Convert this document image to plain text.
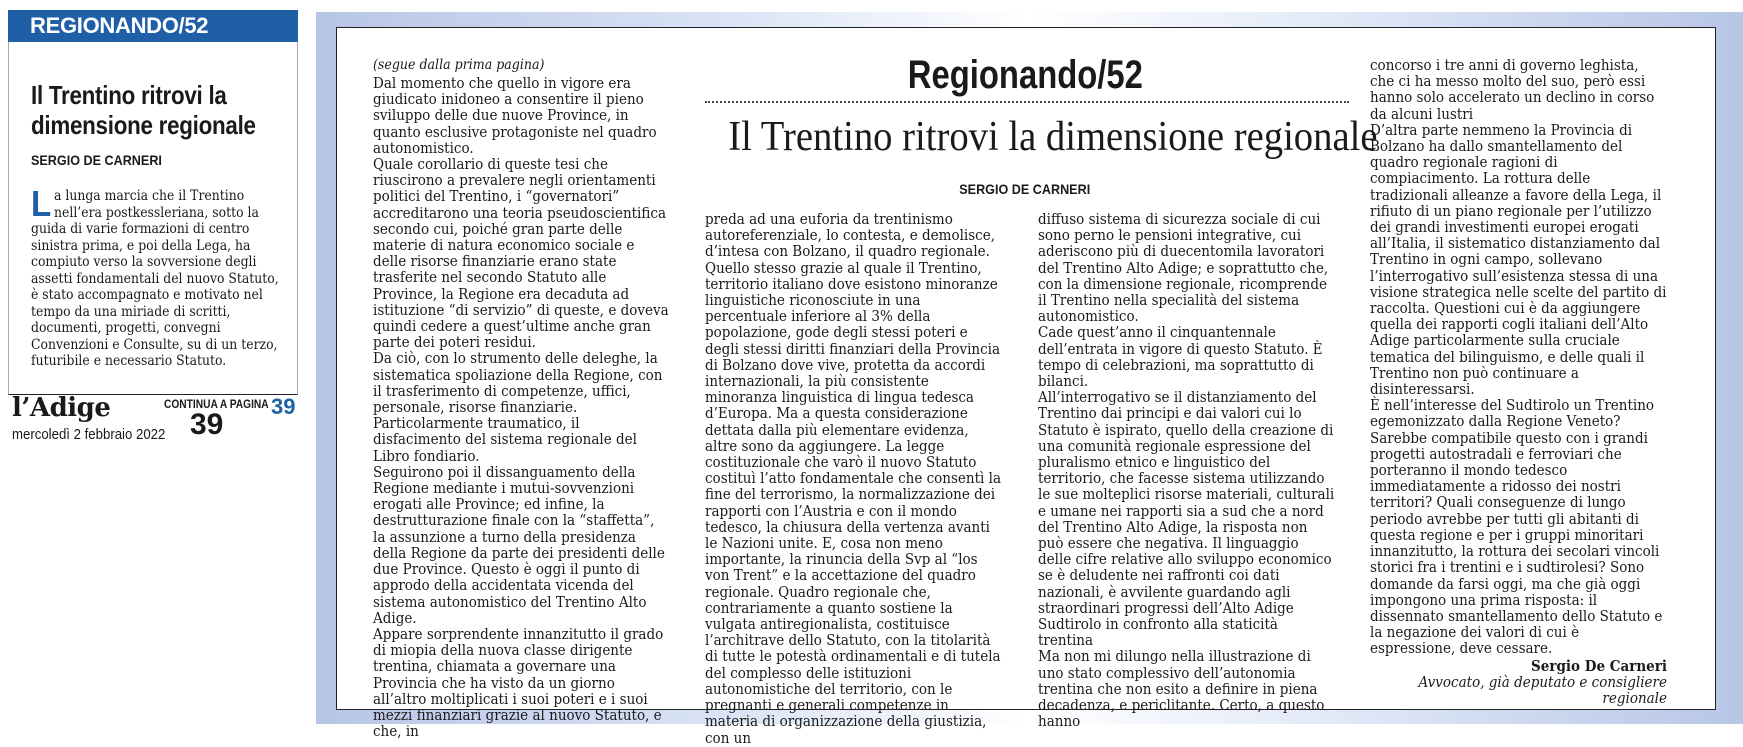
REGIONANDO/52
Il Trentino ritrovi la dimensione regionale
SERGIO DE CARNERI
La lunga marcia che il Trentino nell’era postkessleriana, sotto la guida di varie formazioni di centro sinistra prima, e poi della Lega, ha compiuto verso la sovversione degli assetti fondamentali del nuovo Statuto, è stato accompagnato e motivato nel tempo da una miriade di scritti, documenti, progetti, convegni Convenzioni e Consulte, su di un terzo, futuribile e necessario Statuto.
CONTINUA A PAGINA 39
l’Adige
mercoledì 2 febbraio 2022 39
(segue dalla prima pagina)	Regionando/52
Il Trentino ritrovi la dimensione regionale
SERGIO DE CARNERI

Dal momento che quello in vigore era giudicato inidoneo a consentire il pieno sviluppo delle due nuove Province, in quanto esclusive protagoniste nel quadro autonomistico.

Quale corollario di queste tesi che riuscirono a prevalere negli orientamenti politici del Trentino, i “governatori” accreditarono una teoria pseudoscientifica secondo cui, poiché gran parte delle materie di natura economico sociale e delle risorse finanziarie erano state trasferite nel secondo Statuto alle Province, la Regione era decaduta ad istituzione “di servizio” di queste, e doveva quindi cedere a quest’ultime anche gran parte dei poteri residui.

Da ciò, con lo strumento delle deleghe, la sistematica spoliazione della Regione, con il trasferimento di competenze, uffici, personale, risorse finanziarie.

Particolarmente traumatico, il disfacimento del sistema regionale del Libro fondiario.

Seguirono poi il dissanguamento della Regione mediante i mutui-sovvenzioni erogati alle Province; ed infine, la destrutturazione finale con la “staffetta”, la assunzione a turno della presidenza della Regione da parte dei presidenti delle due Province. Questo è oggi il punto di approdo della accidentata vicenda del sistema autonomistico del Trentino Alto Adige.

Appare sorprendente innanzitutto il grado di miopia della nuova classe dirigente trentina, chiamata a governare una Provincia che ha visto da un giorno all’altro moltiplicati i suoi poteri e i suoi mezzi finanziari grazie al nuovo Statuto, e che, in

preda ad una euforia da trentinismo autoreferenziale, lo contesta, e demolisce, d’intesa con Bolzano, il quadro regionale. Quello stesso grazie al quale il Trentino, territorio italiano dove esistono minoranze linguistiche riconosciute in una percentuale inferiore al 3% della popolazione, gode degli stessi poteri e degli stessi diritti finanziari della Provincia di Bolzano dove vive, protetta da accordi internazionali, la più consistente minoranza linguistica di lingua tedesca d’Europa. Ma a questa considerazione dettata dalla più elementare evidenza, altre sono da aggiungere. La legge costituzionale che varò il nuovo Statuto costituì l’atto fondamentale che consentì la fine del terrorismo, la normalizzazione dei rapporti con l’Austria e con il mondo tedesco, la chiusura della vertenza avanti le Nazioni unite. E, cosa non meno importante, la rinuncia della Svp al “los von Trent” e la accettazione del quadro regionale. Quadro regionale che, contrariamente a quanto sostiene la vulgata antiregionalista, costituisce l’architrave dello Statuto, con la titolarità di tutte le potestà ordinamentali e di tutela del complesso delle istituzioni autonomistiche del territorio, con le pregnanti e generali competenze in materia di organizzazione della giustizia, con un

diffuso sistema di sicurezza sociale di cui sono perno le pensioni integrative, cui aderiscono più di duecentomila lavoratori del Trentino Alto Adige; e soprattutto che, con la dimensione regionale, ricomprende il Trentino nella specialità del sistema autonomistico.

Cade quest’anno il cinquantennale dell’entrata in vigore di questo Statuto. È tempo di celebrazioni, ma soprattutto di bilanci.

All’interrogativo se il distanziamento del Trentino dai principi e dai valori cui lo Statuto è ispirato, quello della creazione di una comunità regionale espressione del pluralismo etnico e linguistico del territorio, che facesse sistema utilizzando le sue molteplici risorse materiali, culturali e umane nei rapporti sia a sud che a nord del Trentino Alto Adige, la risposta non può essere che negativa. Il linguaggio delle cifre relative allo sviluppo economico se è deludente nei raffronti coi dati nazionali, è avvilente guardando agli straordinari progressi dell’Alto Adige Sudtirolo in confronto alla staticità trentina

Ma non mi dilungo nella illustrazione di uno stato complessivo dell’autonomia trentina che non esito a definire in piena decadenza, e periclitante. Certo, a questo hanno

concorso i tre anni di governo leghista, che ci ha messo molto del suo, però essi hanno solo accelerato un declino in corso da alcuni lustri

D’altra parte nemmeno la Provincia di Bolzano ha dallo smantellamento del quadro regionale ragioni di compiacimento. La rottura delle tradizionali alleanze a favore della Lega, il rifiuto di un piano regionale per l’utilizzo dei grandi investimenti europei erogati all’Italia, il sistematico distanziamento dal Trentino in ogni campo, sollevano l’interrogativo sull’esistenza stessa di una visione strategica nelle scelte del partito di raccolta. Questioni cui è da aggiungere quella dei rapporti cogli italiani dell’Alto Adige particolarmente sulla cruciale tematica del bilinguismo, e delle quali il Trentino non può continuare a disinteressarsi.

È nell’interesse del Sudtirolo un Trentino egemonizzato dalla Regione Veneto? Sarebbe compatibile questo con i grandi progetti autostradali e ferroviari che porteranno il mondo tedesco immediatamente a ridosso dei nostri territori? Quali conseguenze di lungo periodo avrebbe per tutti gli abitanti di questa regione e per i gruppi minoritari innanzitutto, la rottura dei secolari vincoli storici fra i trentini e i sudtirolesi? Sono domande da farsi oggi, ma che già oggi impongono una prima risposta: il dissennato smantellamento dello Statuto e la negazione dei valori di cui è espressione, deve cessare.

Sergio De Carneri

Avvocato, già deputato e consigliere regionale
